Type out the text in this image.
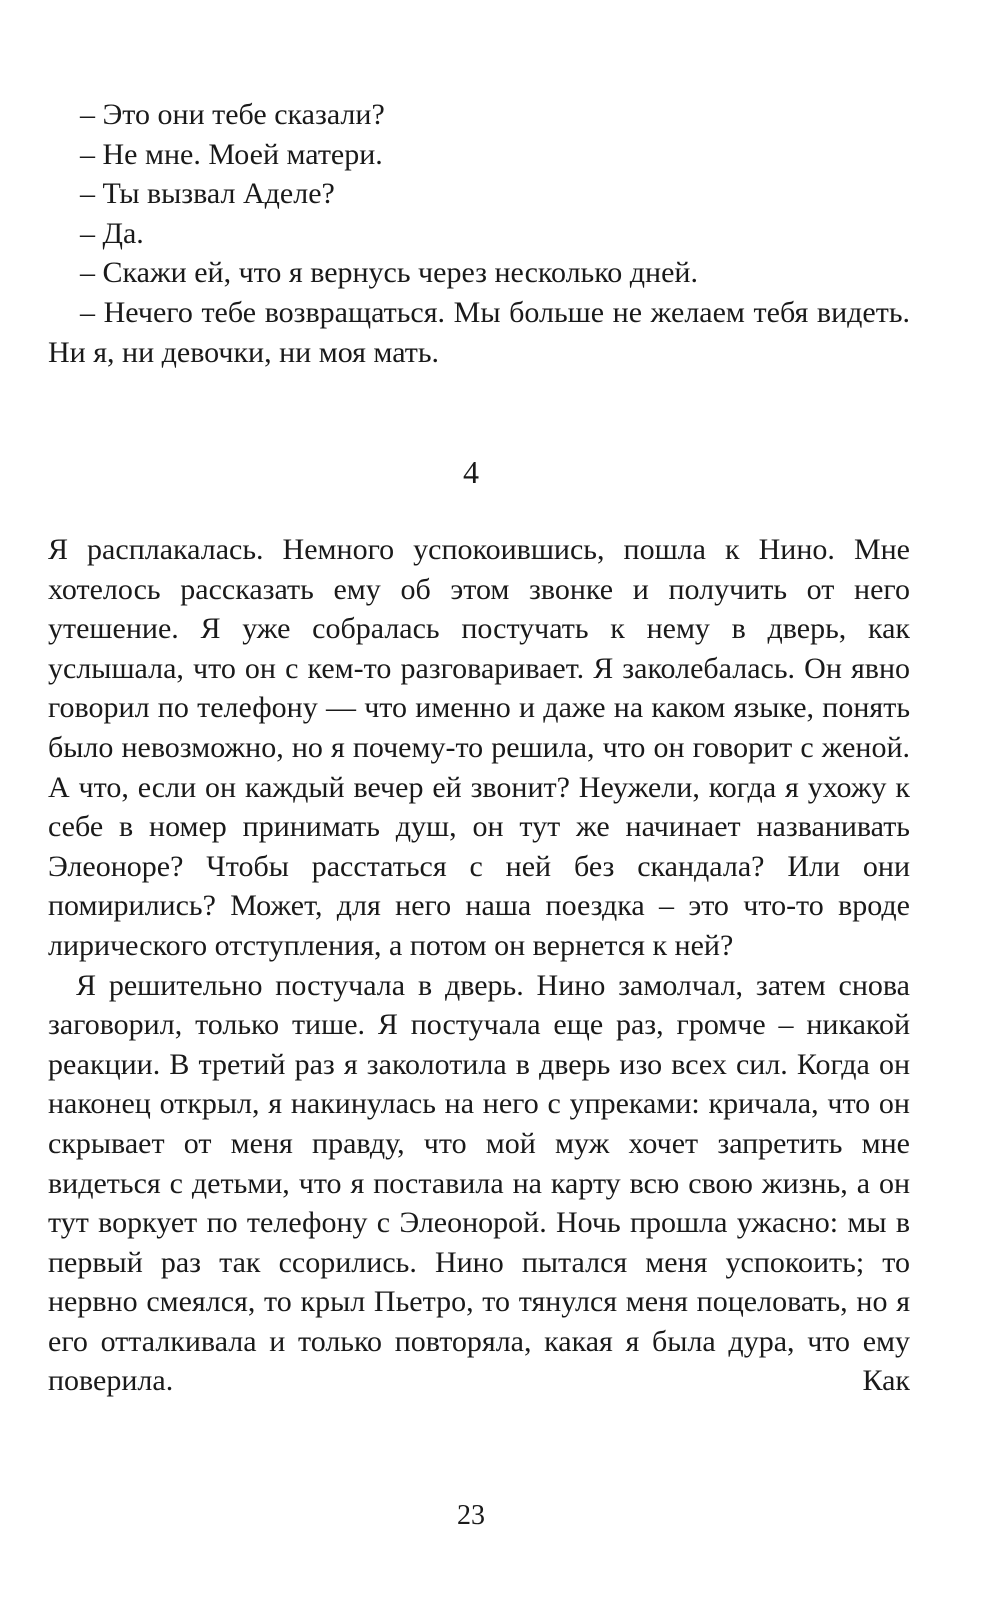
– Это они тебе сказали?

– Не мне. Моей матери.

– Ты вызвал Аделе?

– Да.

– Скажи ей, что я вернусь через несколько дней.

– Нечего тебе возвращаться. Мы больше не желаем тебя видеть. Ни я, ни девочки, ни моя мать.

4

Я расплакалась. Немного успокоившись, пошла к Нино. Мне хотелось рассказать ему об этом звонке и получить от него утешение. Я уже собралась постучать к нему в дверь, как услышала, что он с кем-то разговаривает. Я заколебалась. Он явно говорил по телефону — что именно и даже на каком языке, понять было невозможно, но я почему-то решила, что он говорит с женой. А что, если он каждый вечер ей звонит? Неужели, когда я ухожу к себе в номер принимать душ, он тут же начинает названивать Элеоноре? Чтобы расстаться с ней без скандала? Или они помирились? Может, для него наша поездка – это что-то вроде лирического отступления, а потом он вернется к ней?

Я решительно постучала в дверь. Нино замолчал, затем снова заговорил, только тише. Я постучала еще раз, громче – никакой реакции. В третий раз я заколотила в дверь изо всех сил. Когда он наконец открыл, я накинулась на него с упреками: кричала, что он скрывает от меня правду, что мой муж хочет запретить мне видеться с детьми, что я поставила на карту всю свою жизнь, а он тут воркует по телефону с Элеонорой. Ночь прошла ужасно: мы в первый раз так ссорились. Нино пытался меня успокоить; то нервно смеялся, то крыл Пьетро, то тянулся меня поцеловать, но я его отталкивала и только повторяла, какая я была дура, что ему поверила. Как

23
